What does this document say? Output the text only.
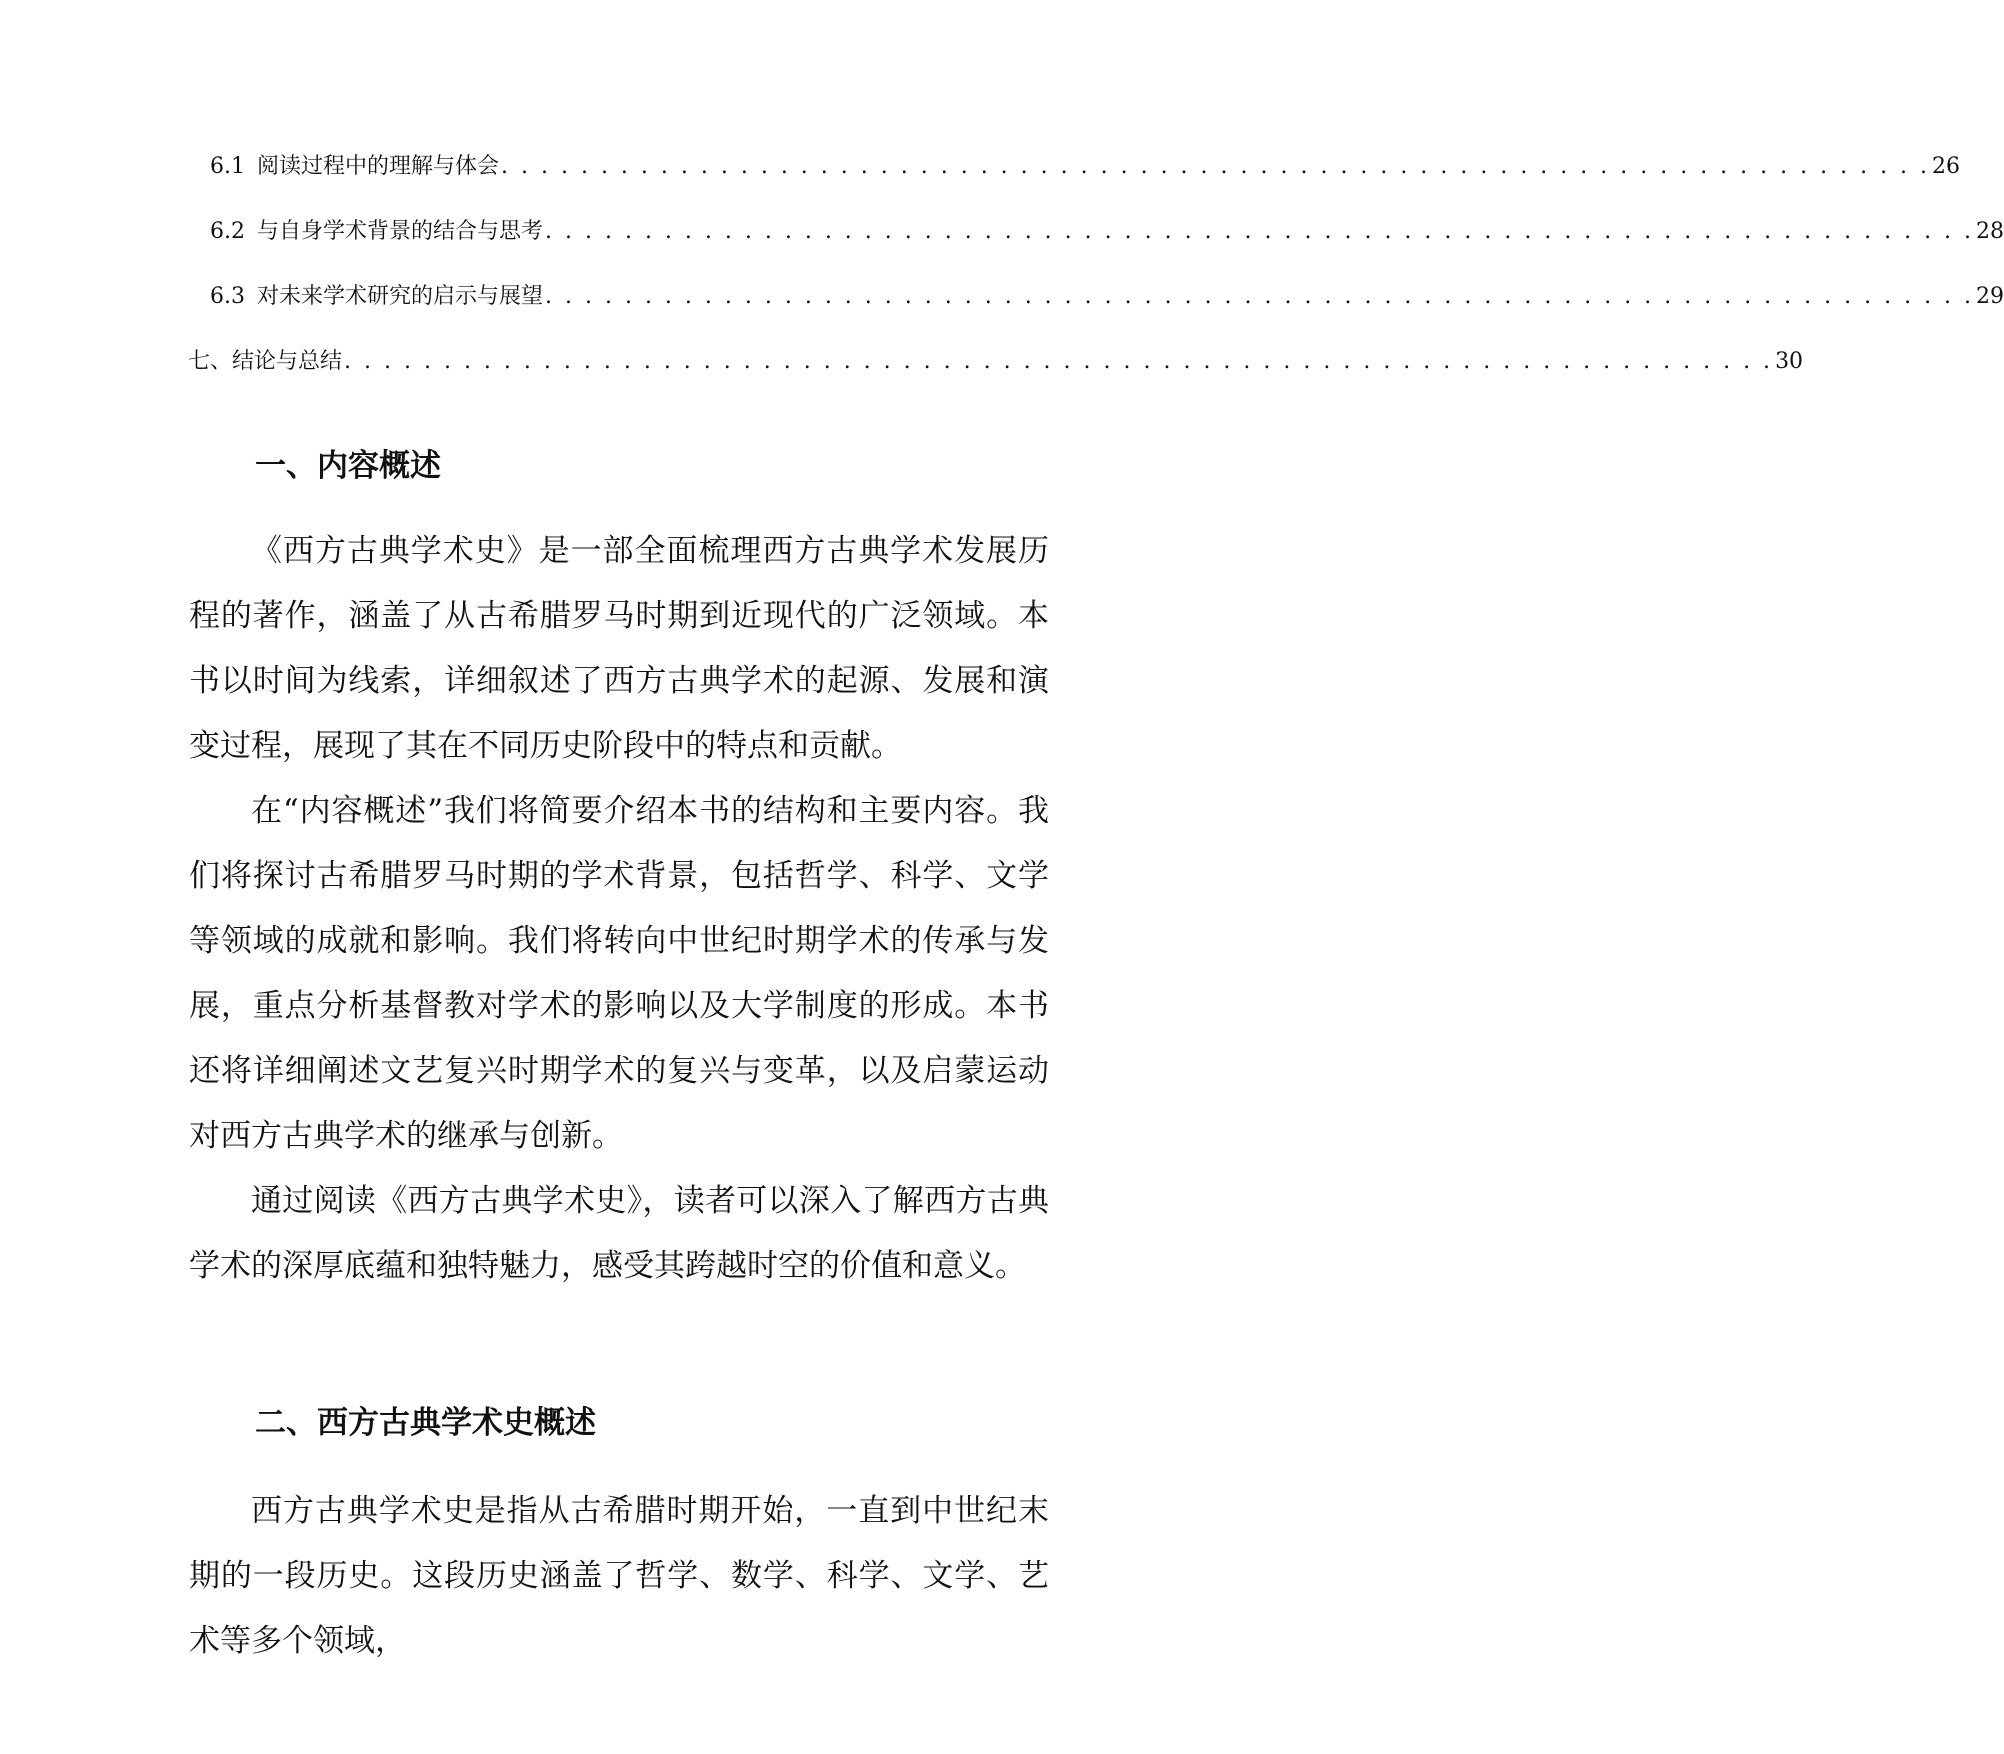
6.1 阅读过程中的理解与体会 . . . . . . . . . . . . . . . . . . . . . . . . . . . . . . . . . . . . . . . . . . . . . . . . . . . . . . . . . . . . . . . . . . . . . . . . 26
6.2 与自身学术背景的结合与思考 . . . . . . . . . . . . . . . . . . . . . . . . . . . . . . . . . . . . . . . . . . . . . . . . . . . . . . . . . . . . . . . . . . . . . . . . 28
6.3 对未来学术研究的启示与展望 . . . . . . . . . . . . . . . . . . . . . . . . . . . . . . . . . . . . . . . . . . . . . . . . . . . . . . . . . . . . . . . . . . . . . . . . 29
七、 结论与总结 . . . . . . . . . . . . . . . . . . . . . . . . . . . . . . . . . . . . . . . . . . . . . . . . . . . . . . . . . . . . . . . . . . . . . . . . 30
一、内容概述

《西方古典学术史》是一部全面梳理西方古典学术发展历程的著作，涵盖了从古希腊罗马时期到近现代的广泛领域。本书以时间为线索，详细叙述了西方古典学术的起源、发展和演变过程，展现了其在不同历史阶段中的特点和贡献。

在“内容概述”我们将简要介绍本书的结构和主要内容。我们将探讨古希腊罗马时期的学术背景，包括哲学、科学、文学等领域的成就和影响。我们将转向中世纪时期学术的传承与发展，重点分析基督教对学术的影响以及大学制度的形成。本书还将详细阐述文艺复兴时期学术的复兴与变革，以及启蒙运动对西方古典学术的继承与创新。

通过阅读《西方古典学术史》，读者可以深入了解西方古典学术的深厚底蕴和独特魅力，感受其跨越时空的价值和意义。

二、西方古典学术史概述

西方古典学术史是指从古希腊时期开始，一直到中世纪末期的一段历史。这段历史涵盖了哲学、数学、科学、文学、艺术等多个领域，
